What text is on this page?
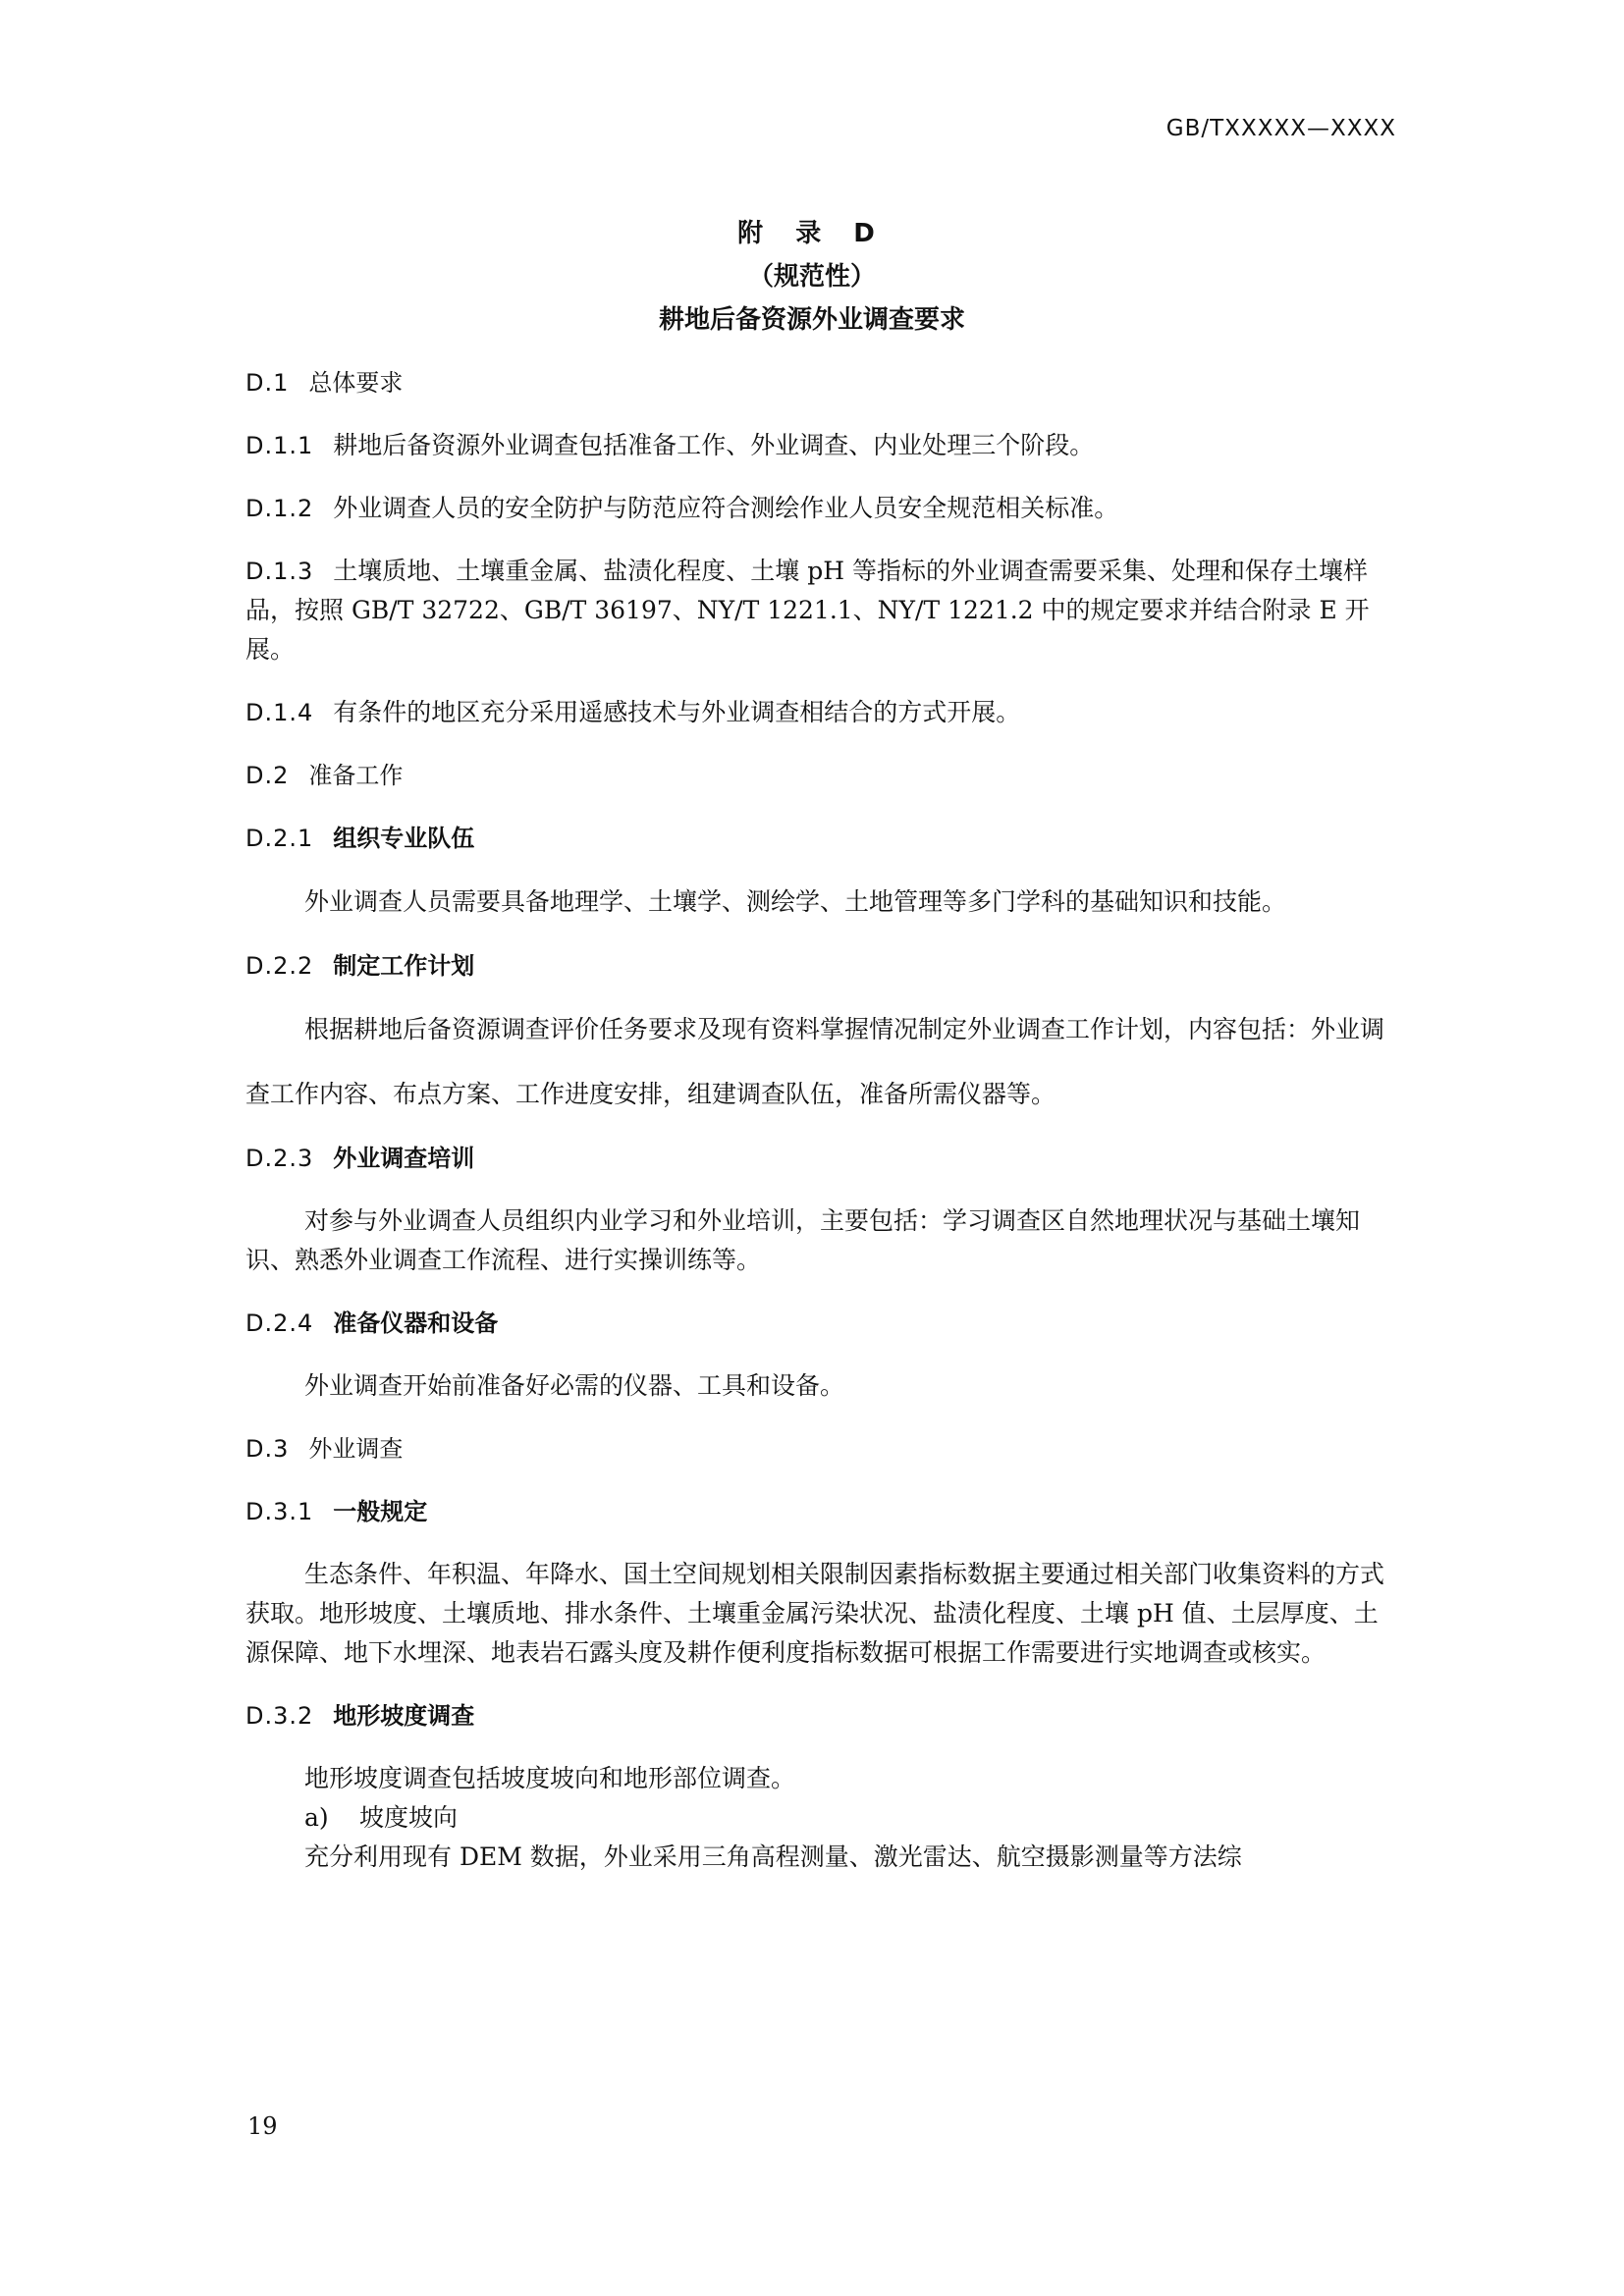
GB/TXXXXX—XXXX
附 录 D
（规范性）
耕地后备资源外业调查要求
D.1 总体要求
D.1.1 耕地后备资源外业调查包括准备工作、外业调查、内业处理三个阶段。
D.1.2 外业调查人员的安全防护与防范应符合测绘作业人员安全规范相关标准。
D.1.3 土壤质地、土壤重金属、盐渍化程度、土壤 pH 等指标的外业调查需要采集、处理和保存土壤样品，按照 GB/T 32722、GB/T 36197、NY/T 1221.1、NY/T 1221.2 中的规定要求并结合附录 E 开展。
D.1.4 有条件的地区充分采用遥感技术与外业调查相结合的方式开展。
D.2 准备工作
D.2.1 组织专业队伍
外业调查人员需要具备地理学、土壤学、测绘学、土地管理等多门学科的基础知识和技能。
D.2.2 制定工作计划
根据耕地后备资源调查评价任务要求及现有资料掌握情况制定外业调查工作计划，内容包括：外业调查工作内容、布点方案、工作进度安排，组建调查队伍，准备所需仪器等。
D.2.3 外业调查培训
对参与外业调查人员组织内业学习和外业培训，主要包括：学习调查区自然地理状况与基础土壤知识、熟悉外业调查工作流程、进行实操训练等。
D.2.4 准备仪器和设备
外业调查开始前准备好必需的仪器、工具和设备。
D.3 外业调查
D.3.1 一般规定
生态条件、年积温、年降水、国土空间规划相关限制因素指标数据主要通过相关部门收集资料的方式获取。地形坡度、土壤质地、排水条件、土壤重金属污染状况、盐渍化程度、土壤 pH 值、土层厚度、土源保障、地下水埋深、地表岩石露头度及耕作便利度指标数据可根据工作需要进行实地调查或核实。
D.3.2 地形坡度调查
地形坡度调查包括坡度坡向和地形部位调查。
a) 坡度坡向
充分利用现有 DEM 数据，外业采用三角高程测量、激光雷达、航空摄影测量等方法综
19
